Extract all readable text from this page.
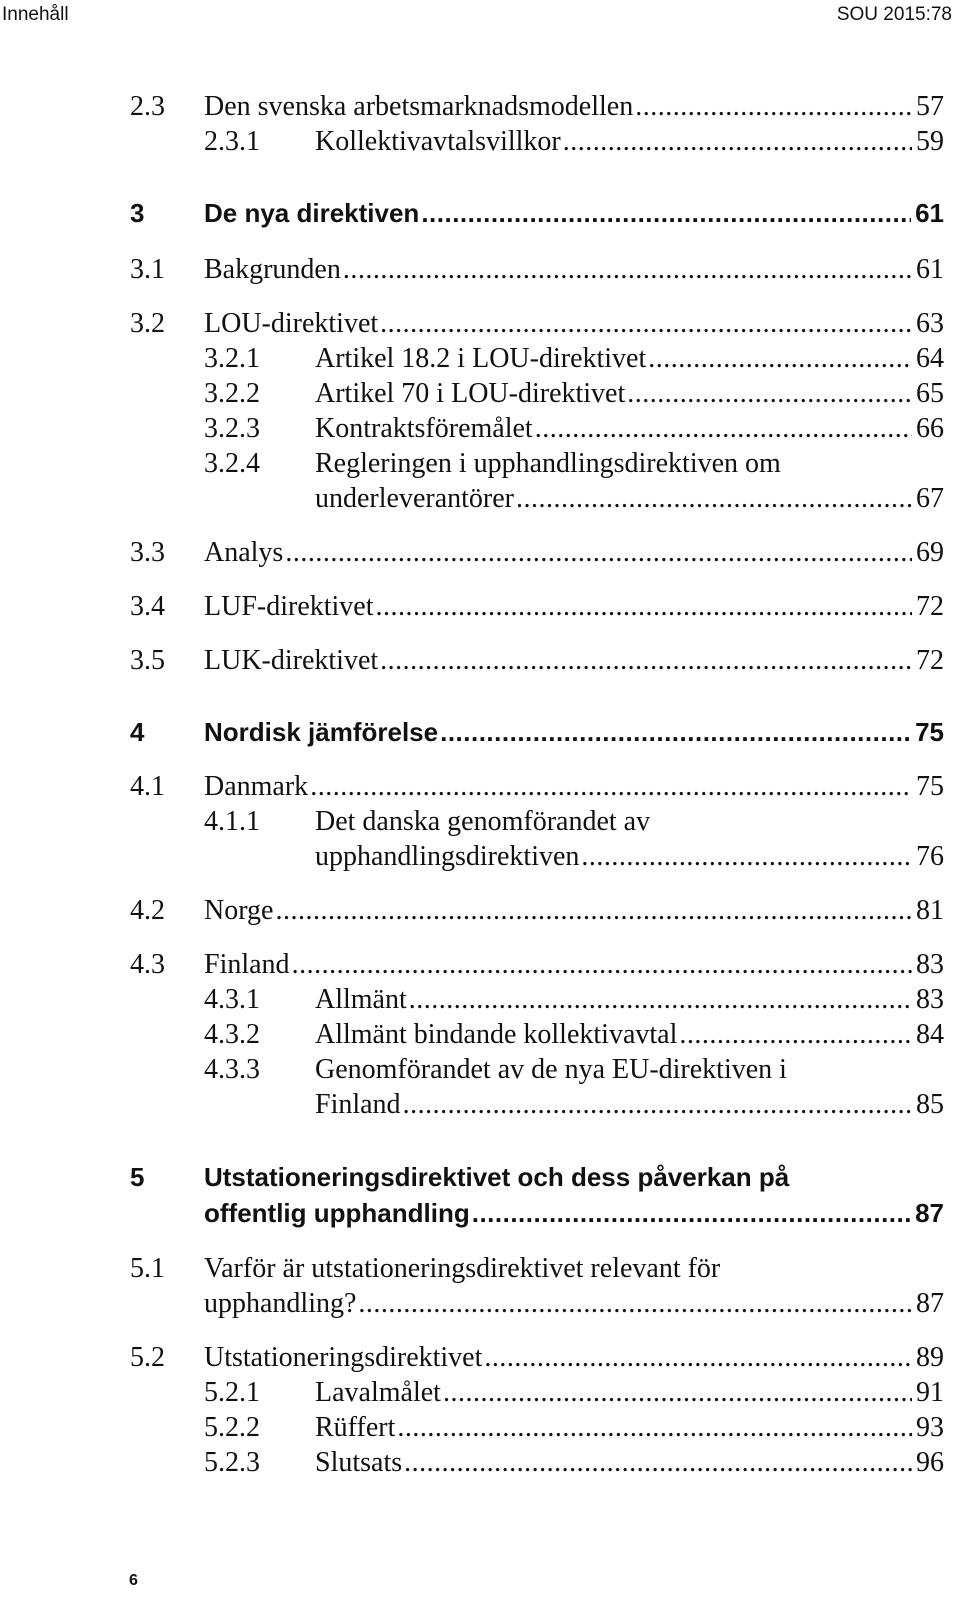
Innehåll	SOU 2015:78
2.3 Den svenska arbetsmarknadsmodellen .....	57
2.3.1 Kollektivavtalsvillkor .....	59
3 De nya direktiven .....	61
3.1 Bakgrunden .....	61
3.2 LOU-direktivet .....	63
3.2.1 Artikel 18.2 i LOU-direktivet .....	64
3.2.2 Artikel 70 i LOU-direktivet .....	65
3.2.3 Kontraktsföremålet .....	66
3.2.4 Regleringen i upphandlingsdirektiven om
underleverantörer .....	67
3.3 Analys .....	69
3.4 LUF-direktivet .....	72
3.5 LUK-direktivet .....	72
4 Nordisk jämförelse .....	75
4.1 Danmark .....	75
4.1.1 Det danska genomförandet av
upphandlingsdirektiven .....	76
4.2 Norge .....	81
4.3 Finland .....	83
4.3.1 Allmänt .....	83
4.3.2 Allmänt bindande kollektivavtal .....	84
4.3.3 Genomförandet av de nya EU-direktiven i
Finland .....	85
5 Utstationeringsdirektivet och dess påverkan på
offentlig upphandling .....	87
5.1 Varför är utstationeringsdirektivet relevant för
upphandling? .....	87
5.2 Utstationeringsdirektivet .....	89
5.2.1 Lavalmålet .....	91
5.2.2 Rüffert .....	93
5.2.3 Slutsats .....	96
6
